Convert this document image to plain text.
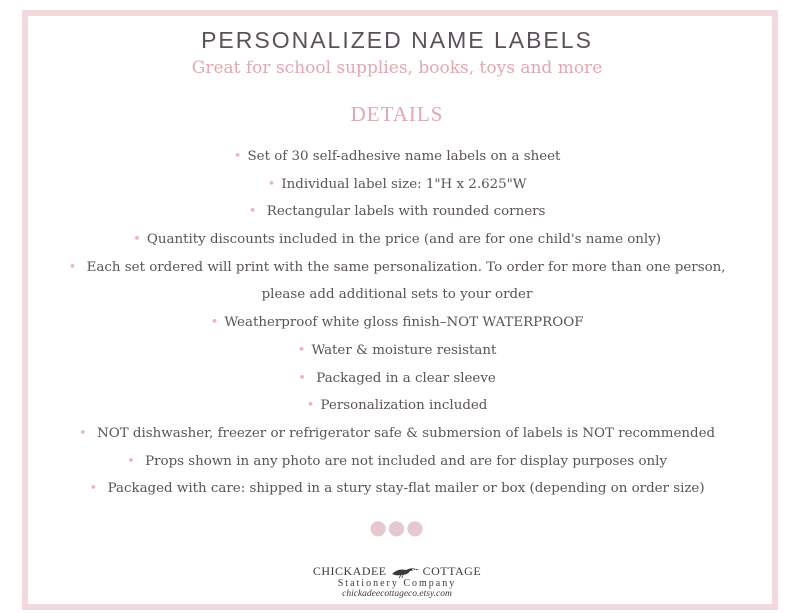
PERSONALIZED NAME LABELS
Great for school supplies, books, toys and more
DETAILS
• Set of 30 self-adhesive name labels on a sheet
• Individual label size: 1"H x 2.625"W
• Rectangular labels with rounded corners
• Quantity discounts included in the price (and are for one child's name only)
• Each set ordered will print with the same personalization. To order for more than one person,
please add additional sets to your order
• Weatherproof white gloss finish–NOT WATERPROOF
• Water & moisture resistant
• Packaged in a clear sleeve
• Personalization included
• NOT dishwasher, freezer or refrigerator safe & submersion of labels is NOT recommended
• Props shown in any photo are not included and are for display purposes only
• Packaged with care: shipped in a stury stay-flat mailer or box (depending on order size)
●●●
CHICKADEE	COTTAGE
Stationery Company
chickadeecottageco.etsy.com
